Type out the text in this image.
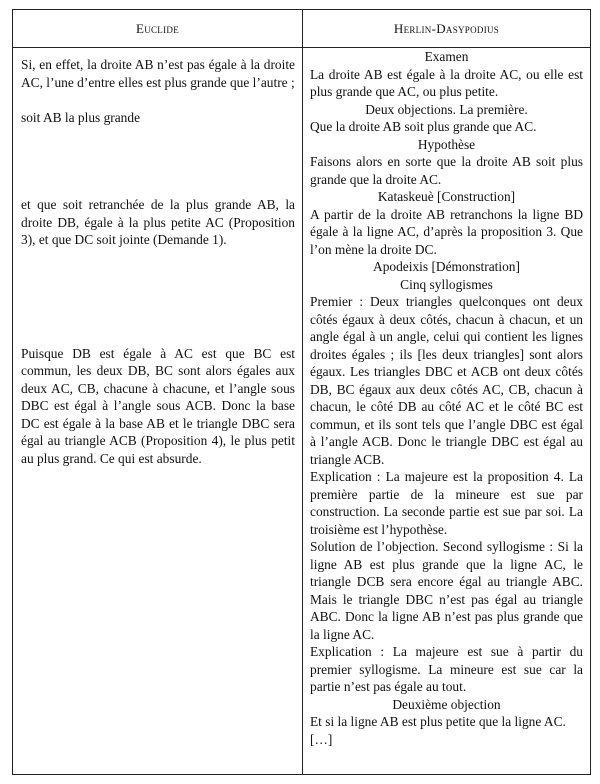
Euclide	Herlin-Dasypodius

Si, en effet, la droite AB n’est pas égale à la droite AC, l’une d’entre elles est plus grande que l’autre ;

soit AB la plus grande

et que soit retranchée de la plus grande AB, la droite DB, égale à la plus petite AC (Proposition 3), et que DC soit jointe (Demande 1).

Puisque DB est égale à AC est que BC est commun, les deux DB, BC sont alors égales aux deux AC, CB, chacune à chacune, et l’angle sous DBC est égal à l’angle sous ACB. Donc la base DC est égale à la base AB et le triangle DBC sera égal au triangle ACB (Proposition 4), le plus petit au plus grand. Ce qui est absurde.

Examen

La droite AB est égale à la droite AC, ou elle est plus grande que AC, ou plus petite.

Deux objections. La première.

Que la droite AB soit plus grande que AC.

Hypothèse

Faisons alors en sorte que la droite AB soit plus grande que la droite AC.

Kataskeuè [Construction]

A partir de la droite AB retranchons la ligne BD égale à la ligne AC, d’après la proposition 3. Que l’on mène la droite DC.

Apodeixis [Démonstration]

Cinq syllogismes

Premier : Deux triangles quelconques ont deux côtés égaux à deux côtés, chacun à chacun, et un angle égal à un angle, celui qui contient les lignes droites égales ; ils [les deux triangles] sont alors égaux. Les triangles DBC et ACB ont deux côtés DB, BC égaux aux deux côtés AC, CB, chacun à chacun, le côté DB au côté AC et le côté BC est commun, et ils sont tels que l’angle DBC est égal à l’angle ACB. Donc le triangle DBC est égal au triangle ACB.

Explication : La majeure est la proposition 4. La première partie de la mineure est sue par construction. La seconde partie est sue par soi. La troisième est l’hypothèse.

Solution de l’objection. Second syllogisme : Si la ligne AB est plus grande que la ligne AC, le triangle DCB sera encore égal au triangle ABC. Mais le triangle DBC n’est pas égal au triangle ABC. Donc la ligne AB n’est pas plus grande que la ligne AC.

Explication : La majeure est sue à partir du premier syllogisme. La mineure est sue car la partie n’est pas égale au tout.

Deuxième objection

Et si la ligne AB est plus petite que la ligne AC.

[…]
